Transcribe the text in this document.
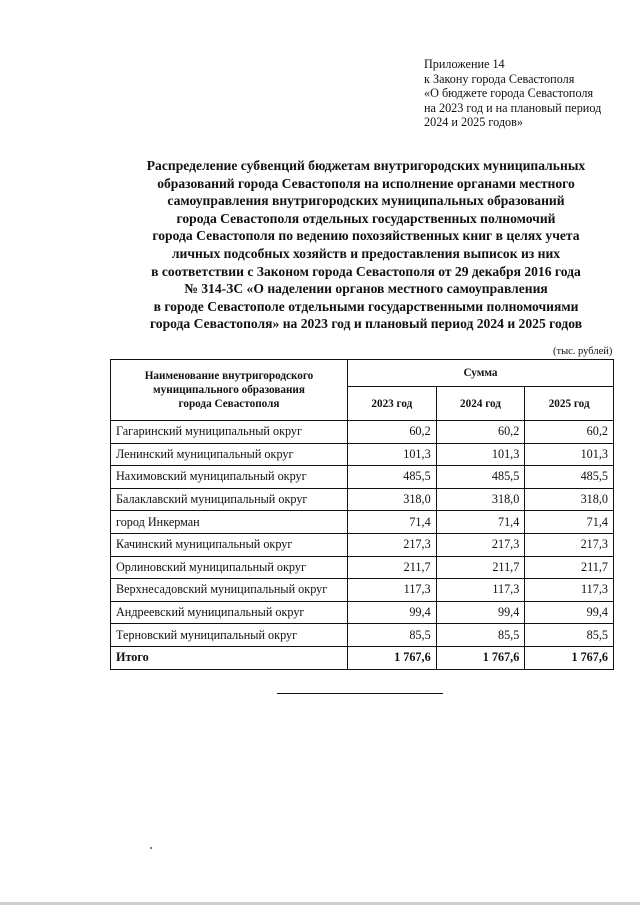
Приложение 14
к Закону города Севастополя
«О бюджете города Севастополя
на 2023 год и на плановый период
2024 и 2025 годов»
Распределение субвенций бюджетам внутригородских муниципальных
образований города Севастополя на исполнение органами местного
самоуправления внутригородских муниципальных образований
города Севастополя отдельных государственных полномочий
города Севастополя по ведению похозяйственных книг в целях учета
личных подсобных хозяйств и предоставления выписок из них
в соответствии с Законом города Севастополя от 29 декабря 2016 года
№ 314-ЗС «О наделении органов местного самоуправления
в городе Севастополе отдельными государственными полномочиями
города Севастополя» на 2023 год и плановый период 2024 и 2025 годов
(тыс. рублей)
Наименование внутригородского
муниципального образования
города Севастополя	Сумма		
	2023 год	2024 год	2025 год
Гагаринский муниципальный округ	60,2	60,2	60,2
Ленинский муниципальный округ	101,3	101,3	101,3
Нахимовский муниципальный округ	485,5	485,5	485,5
Балаклавский муниципальный округ	318,0	318,0	318,0
город Инкерман	71,4	71,4	71,4
Качинский муниципальный округ	217,3	217,3	217,3
Орлиновский муниципальный округ	211,7	211,7	211,7
Верхнесадовский муниципальный округ	117,3	117,3	117,3
Андреевский муниципальный округ	99,4	99,4	99,4
Терновский муниципальный округ	85,5	85,5	85,5
Итого	1 767,6	1 767,6	1 767,6
